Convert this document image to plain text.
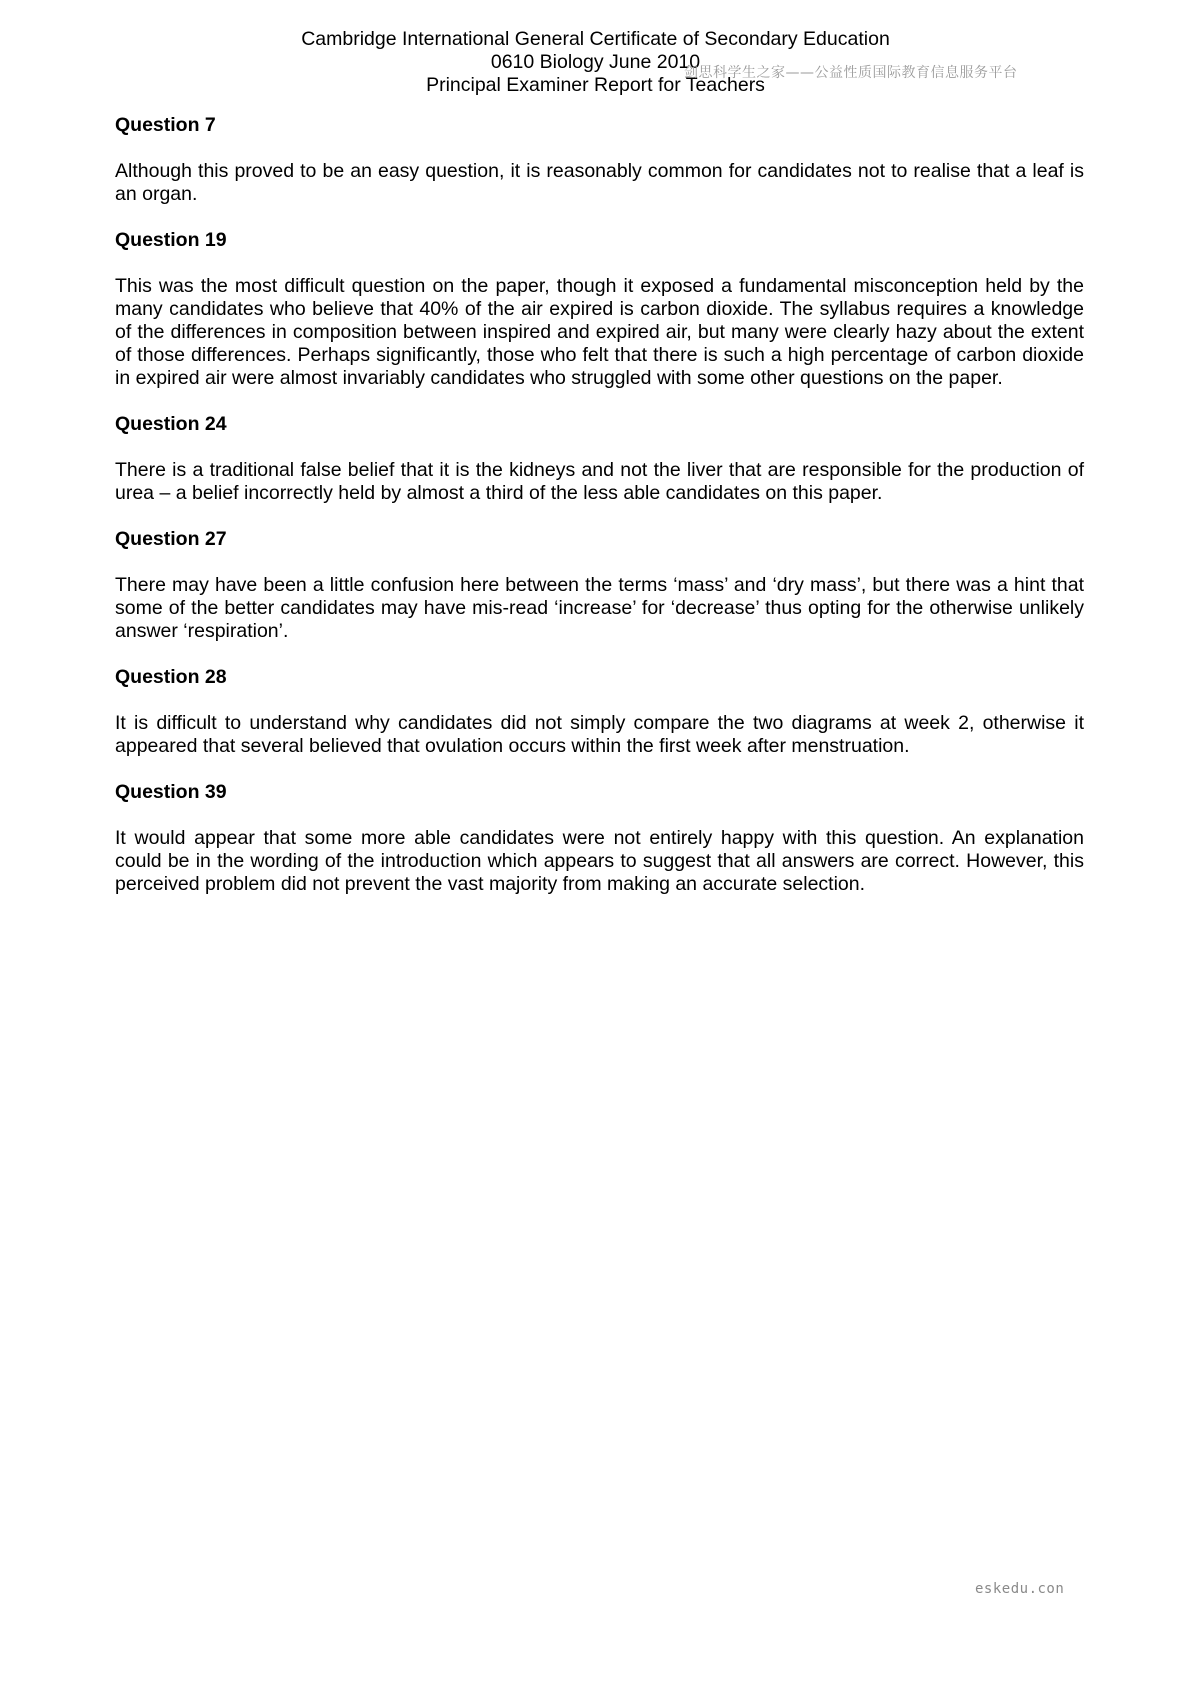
Cambridge International General Certificate of Secondary Education
0610 Biology June 2010
Principal Examiner Report for Teachers
剑思科学生之家——公益性质国际教育信息服务平台
Question 7
Although this proved to be an easy question, it is reasonably common for candidates not to realise that a leaf is an organ.
Question 19
This was the most difficult question on the paper, though it exposed a fundamental misconception held by the many candidates who believe that 40% of the air expired is carbon dioxide. The syllabus requires a knowledge of the differences in composition between inspired and expired air, but many were clearly hazy about the extent of those differences. Perhaps significantly, those who felt that there is such a high percentage of carbon dioxide in expired air were almost invariably candidates who struggled with some other questions on the paper.
Question 24
There is a traditional false belief that it is the kidneys and not the liver that are responsible for the production of urea – a belief incorrectly held by almost a third of the less able candidates on this paper.
Question 27
There may have been a little confusion here between the terms ‘mass’ and ‘dry mass’, but there was a hint that some of the better candidates may have mis-read ‘increase’ for ‘decrease’ thus opting for the otherwise unlikely answer ‘respiration’.
Question 28
It is difficult to understand why candidates did not simply compare the two diagrams at week 2, otherwise it appeared that several believed that ovulation occurs within the first week after menstruation.
Question 39
It would appear that some more able candidates were not entirely happy with this question. An explanation could be in the wording of the introduction which appears to suggest that all answers are correct. However, this perceived problem did not prevent the vast majority from making an accurate selection.
eskedu.con
